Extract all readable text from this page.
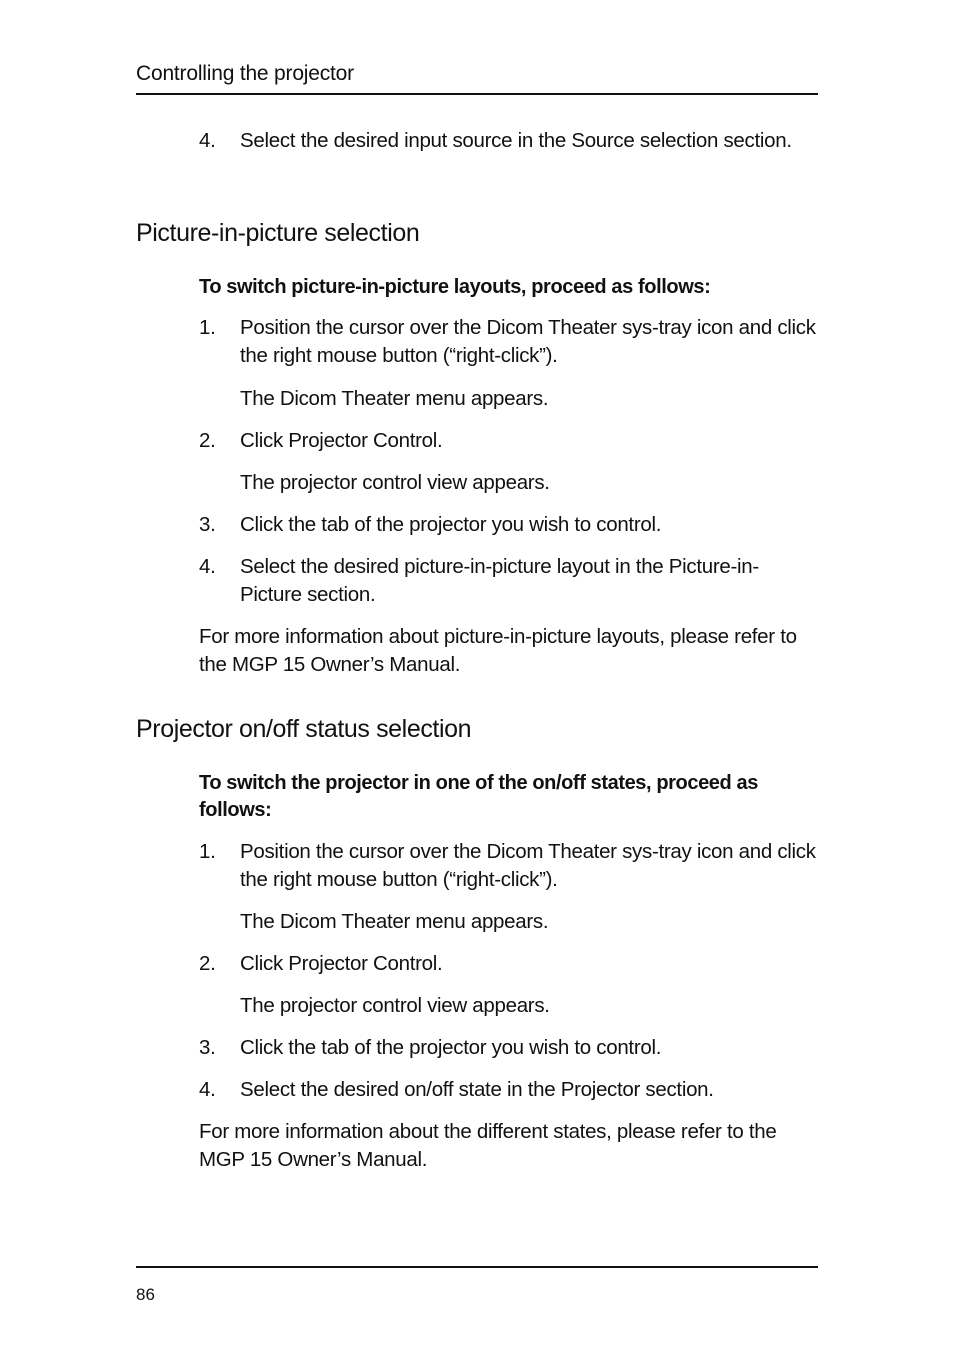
Controlling the projector
4.	Select the desired input source in the Source selection section.
Picture-in-picture selection
To switch picture-in-picture layouts, proceed as follows:
1.	Position the cursor over the Dicom Theater sys-tray icon and click the right mouse button (“right-click”).
The Dicom Theater menu appears.
2.	Click Projector Control.
The projector control view appears.
3.	Click the tab of the projector you wish to control.
4.	Select the desired picture-in-picture layout in the Picture-in-Picture section.
For more information about picture-in-picture layouts, please refer to the MGP 15 Owner’s Manual.
Projector on/off status selection
To switch the projector in one of the on/off states, proceed as follows:
1.	Position the cursor over the Dicom Theater sys-tray icon and click the right mouse button (“right-click”).
The Dicom Theater menu appears.
2.	Click Projector Control.
The projector control view appears.
3.	Click the tab of the projector you wish to control.
4.	Select the desired on/off state in the Projector section.
For more information about the different states, please refer to the MGP 15 Owner’s Manual.
86
